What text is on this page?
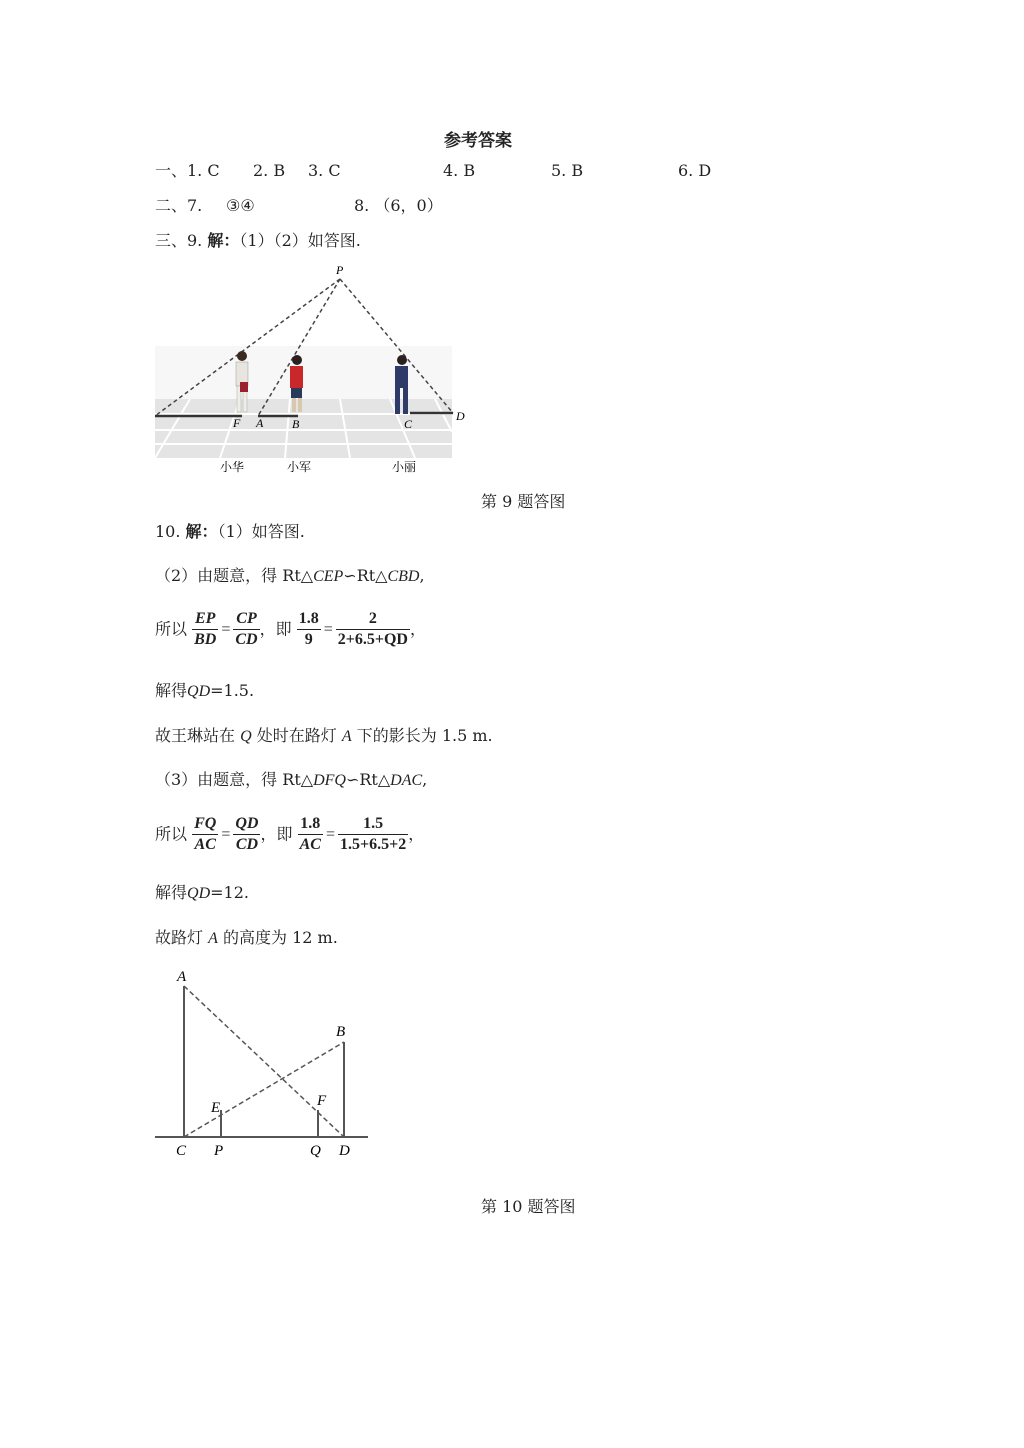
参考答案
一、1. C 2. B 3. C	4. B	5. B	6. D
二、7. ③④	8. （6，0）
三、9. 解：（1）（2）如答图.
P
F A B	C
D
小华	小军	小丽
第 9 题答图
10. 解：（1）如答图.
（2）由题意，得 Rt△CEP∽Rt△CBD,
所以 $\frac{EP}{BD} = \frac{CP}{CD}$ ，即 $\frac{1.8}{9} = \frac{2}{2+6.5+QD}$ ，
解得QD=1.5.
故王琳站在 Q 处时在路灯 A 下的影长为 1.5 m.
（3）由题意，得 Rt△DFQ∽Rt△DAC,
所以 $\frac{FQ}{AC} = \frac{QD}{CD}$ ，即 $\frac{1.8}{AC} = \frac{1.5}{1.5+6.5+2}$ ，
解得QD=12.
故路灯 A 的高度为 12 m.
A
B
E	F
C P	Q D
第 10 题答图
